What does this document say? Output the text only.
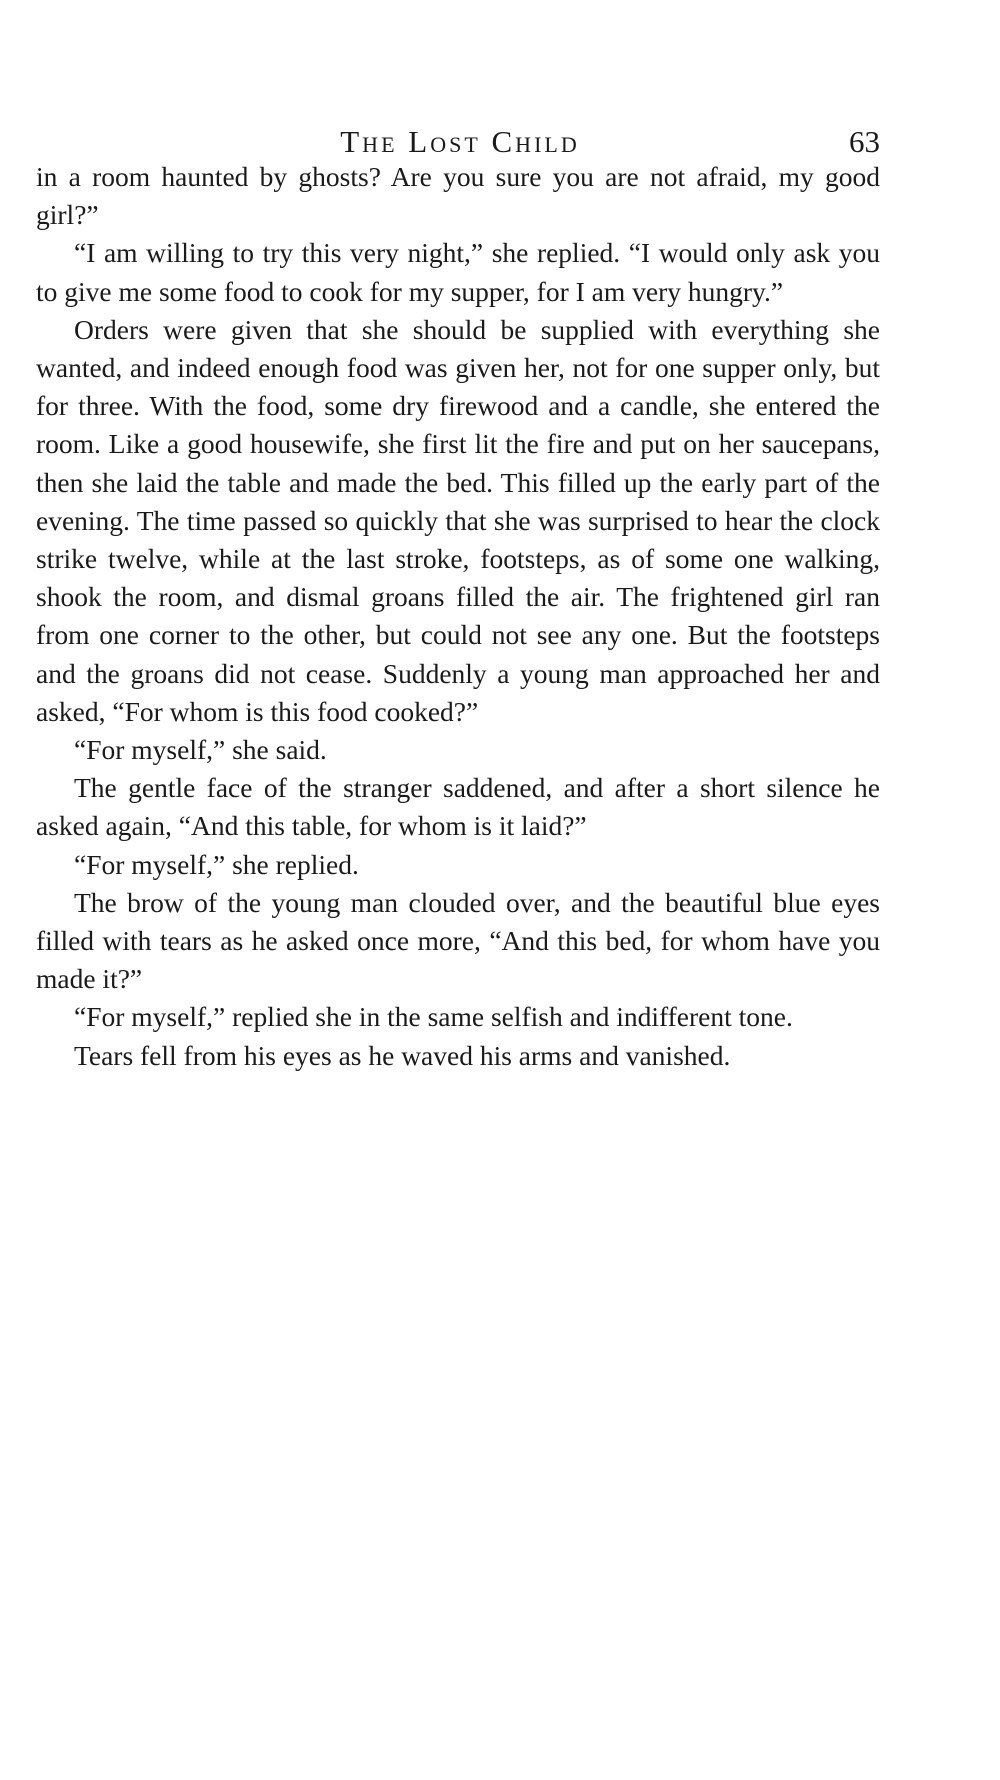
The Lost Child	63

in a room haunted by ghosts? Are you sure you are not afraid, my good girl?”

“I am willing to try this very night,” she replied. “I would only ask you to give me some food to cook for my supper, for I am very hungry.”

Orders were given that she should be supplied with everything she wanted, and indeed enough food was given her, not for one supper only, but for three. With the food, some dry firewood and a candle, she entered the room. Like a good housewife, she first lit the fire and put on her saucepans, then she laid the table and made the bed. This filled up the early part of the evening. The time passed so quickly that she was surprised to hear the clock strike twelve, while at the last stroke, footsteps, as of some one walking, shook the room, and dismal groans filled the air. The frightened girl ran from one corner to the other, but could not see any one. But the footsteps and the groans did not cease. Suddenly a young man approached her and asked, “For whom is this food cooked?”

“For myself,” she said.

The gentle face of the stranger saddened, and after a short silence he asked again, “And this table, for whom is it laid?”

“For myself,” she replied.

The brow of the young man clouded over, and the beautiful blue eyes filled with tears as he asked once more, “And this bed, for whom have you made it?”

“For myself,” replied she in the same selfish and indifferent tone.

Tears fell from his eyes as he waved his arms and vanished.
